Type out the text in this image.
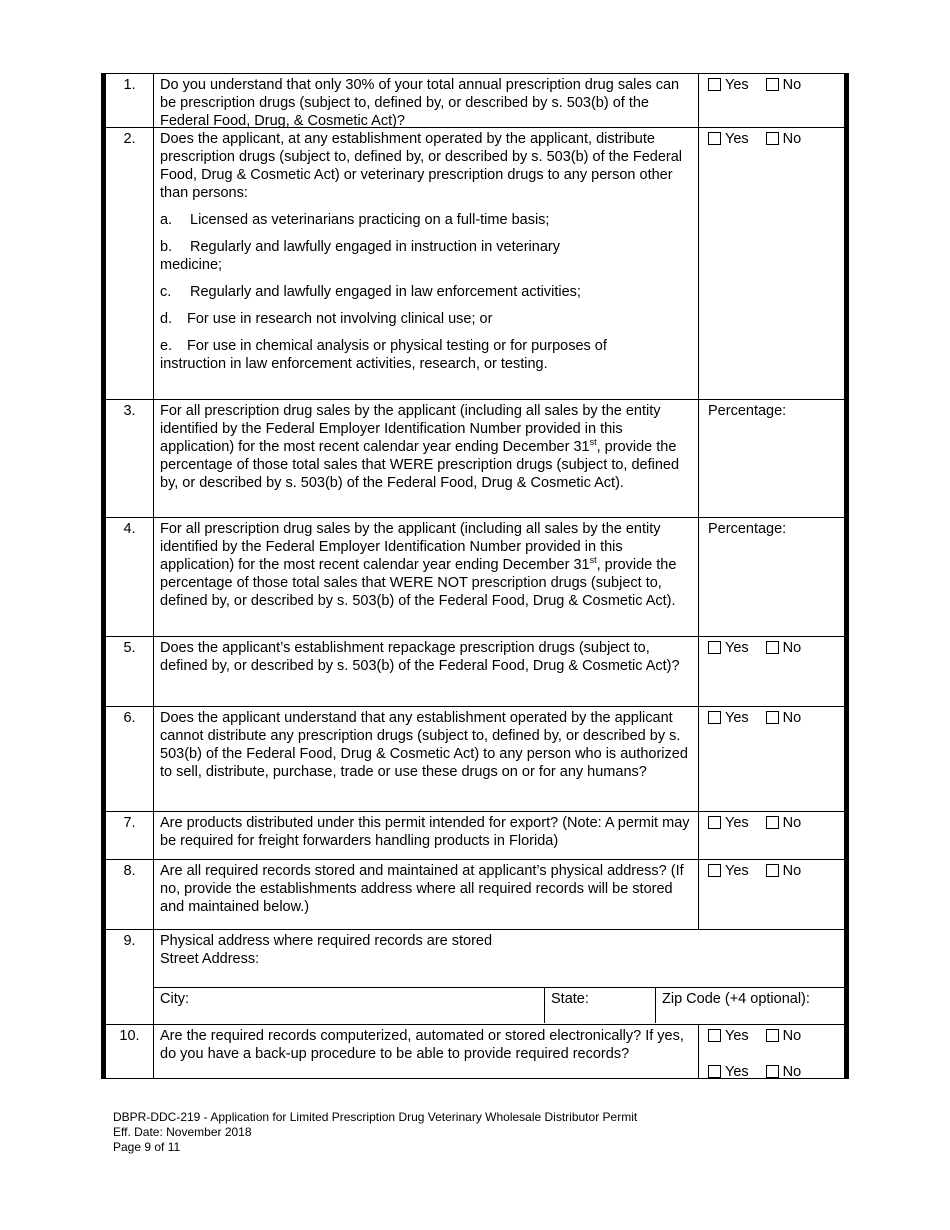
1.	Do you understand that only 30% of your total annual prescription drug sales can be prescription drugs (subject to, defined by, or described by s. 503(b) of the Federal Food, Drug, & Cosmetic Act)?
Yes No
2.	Does the applicant, at any establishment operated by the applicant, distribute prescription drugs (subject to, defined by, or described by s. 503(b) of the Federal Food, Drug & Cosmetic Act) or veterinary prescription drugs to any person other than persons:
a. Licensed as veterinarians practicing on a full-time basis;
b. Regularly and lawfully engaged in instruction in veterinary medicine;
c. Regularly and lawfully engaged in law enforcement activities;
d. For use in research not involving clinical use; or
e. For use in chemical analysis or physical testing or for purposes of instruction in law enforcement activities, research, or testing.
Yes No
3.	For all prescription drug sales by the applicant (including all sales by the entity identified by the Federal Employer Identification Number provided in this application) for the most recent calendar year ending December 31st, provide the percentage of those total sales that WERE prescription drugs (subject to, defined by, or described by s. 503(b) of the Federal Food, Drug & Cosmetic Act).
Percentage:
4.	For all prescription drug sales by the applicant (including all sales by the entity identified by the Federal Employer Identification Number provided in this application) for the most recent calendar year ending December 31st, provide the percentage of those total sales that WERE NOT prescription drugs (subject to, defined by, or described by s. 503(b) of the Federal Food, Drug & Cosmetic Act).
Percentage:
5.	Does the applicant’s establishment repackage prescription drugs (subject to, defined by, or described by s. 503(b) of the Federal Food, Drug & Cosmetic Act)?
Yes No
6.	Does the applicant understand that any establishment operated by the applicant cannot distribute any prescription drugs (subject to, defined by, or described by s. 503(b) of the Federal Food, Drug & Cosmetic Act) to any person who is authorized to sell, distribute, purchase, trade or use these drugs on or for any humans?
Yes No
7.	Are products distributed under this permit intended for export? (Note: A permit may be required for freight forwarders handling products in Florida)
Yes No
8.	Are all required records stored and maintained at applicant’s physical address? (If no, provide the establishments address where all required records will be stored and maintained below.)
Yes No
9.	Physical address where required records are stored
Street Address:
City:	State:	Zip Code (+4 optional):
10.	Are the required records computerized, automated or stored electronically? If yes, do you have a back-up procedure to be able to provide required records?
Yes No
Yes No
DBPR-DDC-219 - Application for Limited Prescription Drug Veterinary Wholesale Distributor Permit
Eff. Date: November 2018
Page 9 of 11
